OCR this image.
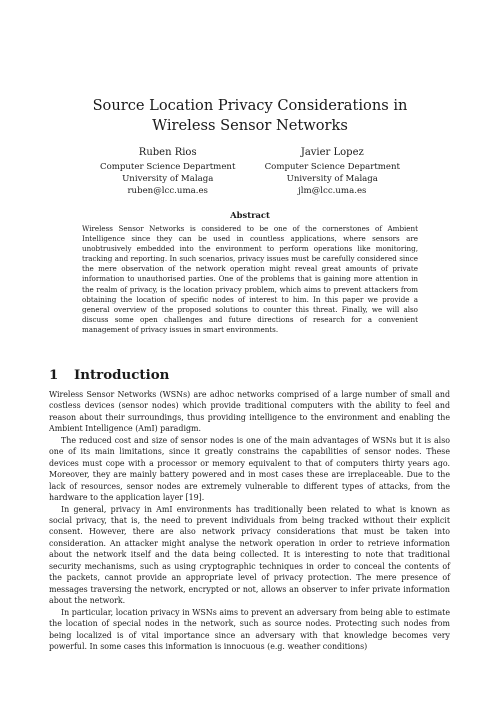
Source Location Privacy Considerations in Wireless Sensor Networks
Ruben Rios
Computer Science Department
University of Malaga
ruben@lcc.uma.es
Javier Lopez
Computer Science Department
University of Malaga
jlm@lcc.uma.es
Abstract

Wireless Sensor Networks is considered to be one of the cornerstones of Ambient Intelligence since they can be used in countless applications, where sensors are unobtrusively embedded into the environment to perform operations like monitoring, tracking and reporting. In such scenarios, privacy issues must be carefully considered since the mere observation of the network operation might reveal great amounts of private information to unauthorised parties. One of the problems that is gaining more attention in the realm of privacy, is the location privacy problem, which aims to prevent attackers from obtaining the location of specific nodes of interest to him. In this paper we provide a general overview of the proposed solutions to counter this threat. Finally, we will also discuss some open challenges and future directions of research for a convenient management of privacy issues in smart environments.

1 Introduction

Wireless Sensor Networks (WSNs) are adhoc networks comprised of a large number of small and costless devices (sensor nodes) which provide traditional computers with the ability to feel and reason about their surroundings, thus providing intelligence to the environment and enabling the Ambient Intelligence (AmI) paradigm.

The reduced cost and size of sensor nodes is one of the main advantages of WSNs but it is also one of its main limitations, since it greatly constrains the capabilities of sensor nodes. These devices must cope with a processor or memory equivalent to that of computers thirty years ago. Moreover, they are mainly battery powered and in most cases these are irreplaceable. Due to the lack of resources, sensor nodes are extremely vulnerable to different types of attacks, from the hardware to the application layer [19].

In general, privacy in AmI environments has traditionally been related to what is known as social privacy, that is, the need to prevent individuals from being tracked without their explicit consent. However, there are also network privacy considerations that must be taken into consideration. An attacker might analyse the network operation in order to retrieve information about the network itself and the data being collected. It is interesting to note that traditional security mechanisms, such as using cryptographic techniques in order to conceal the contents of the packets, cannot provide an appropriate level of privacy protection. The mere presence of messages traversing the network, encrypted or not, allows an observer to infer private information about the network.

In particular, location privacy in WSNs aims to prevent an adversary from being able to estimate the location of special nodes in the network, such as source nodes. Protecting such nodes from being localized is of vital importance since an adversary with that knowledge becomes very powerful. In some cases this information is innocuous (e.g. weather conditions)
